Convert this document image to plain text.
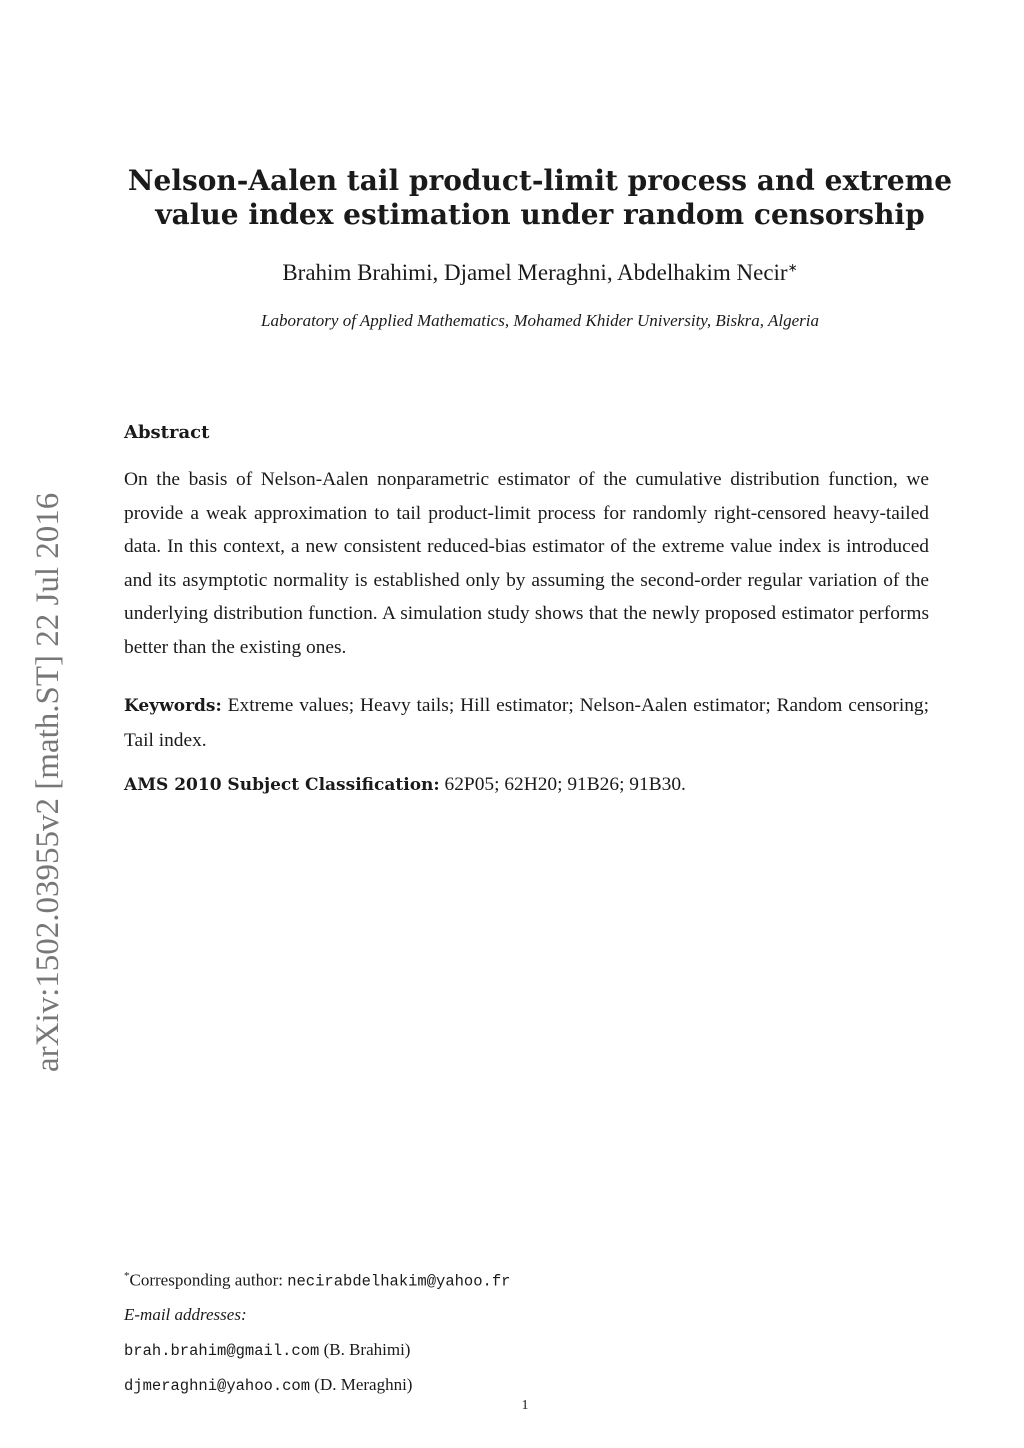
arXiv:1502.03955v2 [math.ST] 22 Jul 2016
Nelson-Aalen tail product-limit process and extreme
value index estimation under random censorship

Brahim Brahimi, Djamel Meraghni, Abdelhakim Necir∗

Laboratory of Applied Mathematics, Mohamed Khider University, Biskra, Algeria

Abstract

On the basis of Nelson-Aalen nonparametric estimator of the cumulative distribution function, we provide a weak approximation to tail product-limit process for randomly right-censored heavy-tailed data. In this context, a new consistent reduced-bias estimator of the extreme value index is introduced and its asymptotic normality is established only by assuming the second-order regular variation of the underlying distribution function. A simulation study shows that the newly proposed estimator performs better than the existing ones.

Keywords: Extreme values; Heavy tails; Hill estimator; Nelson-Aalen estimator; Random censoring; Tail index.

AMS 2010 Subject Classification: 62P05; 62H20; 91B26; 91B30.

*Corresponding author: necirabdelhakim@yahoo.fr

E-mail addresses:

brah.brahim@gmail.com (B. Brahimi)

djmeraghni@yahoo.com (D. Meraghni)

1
